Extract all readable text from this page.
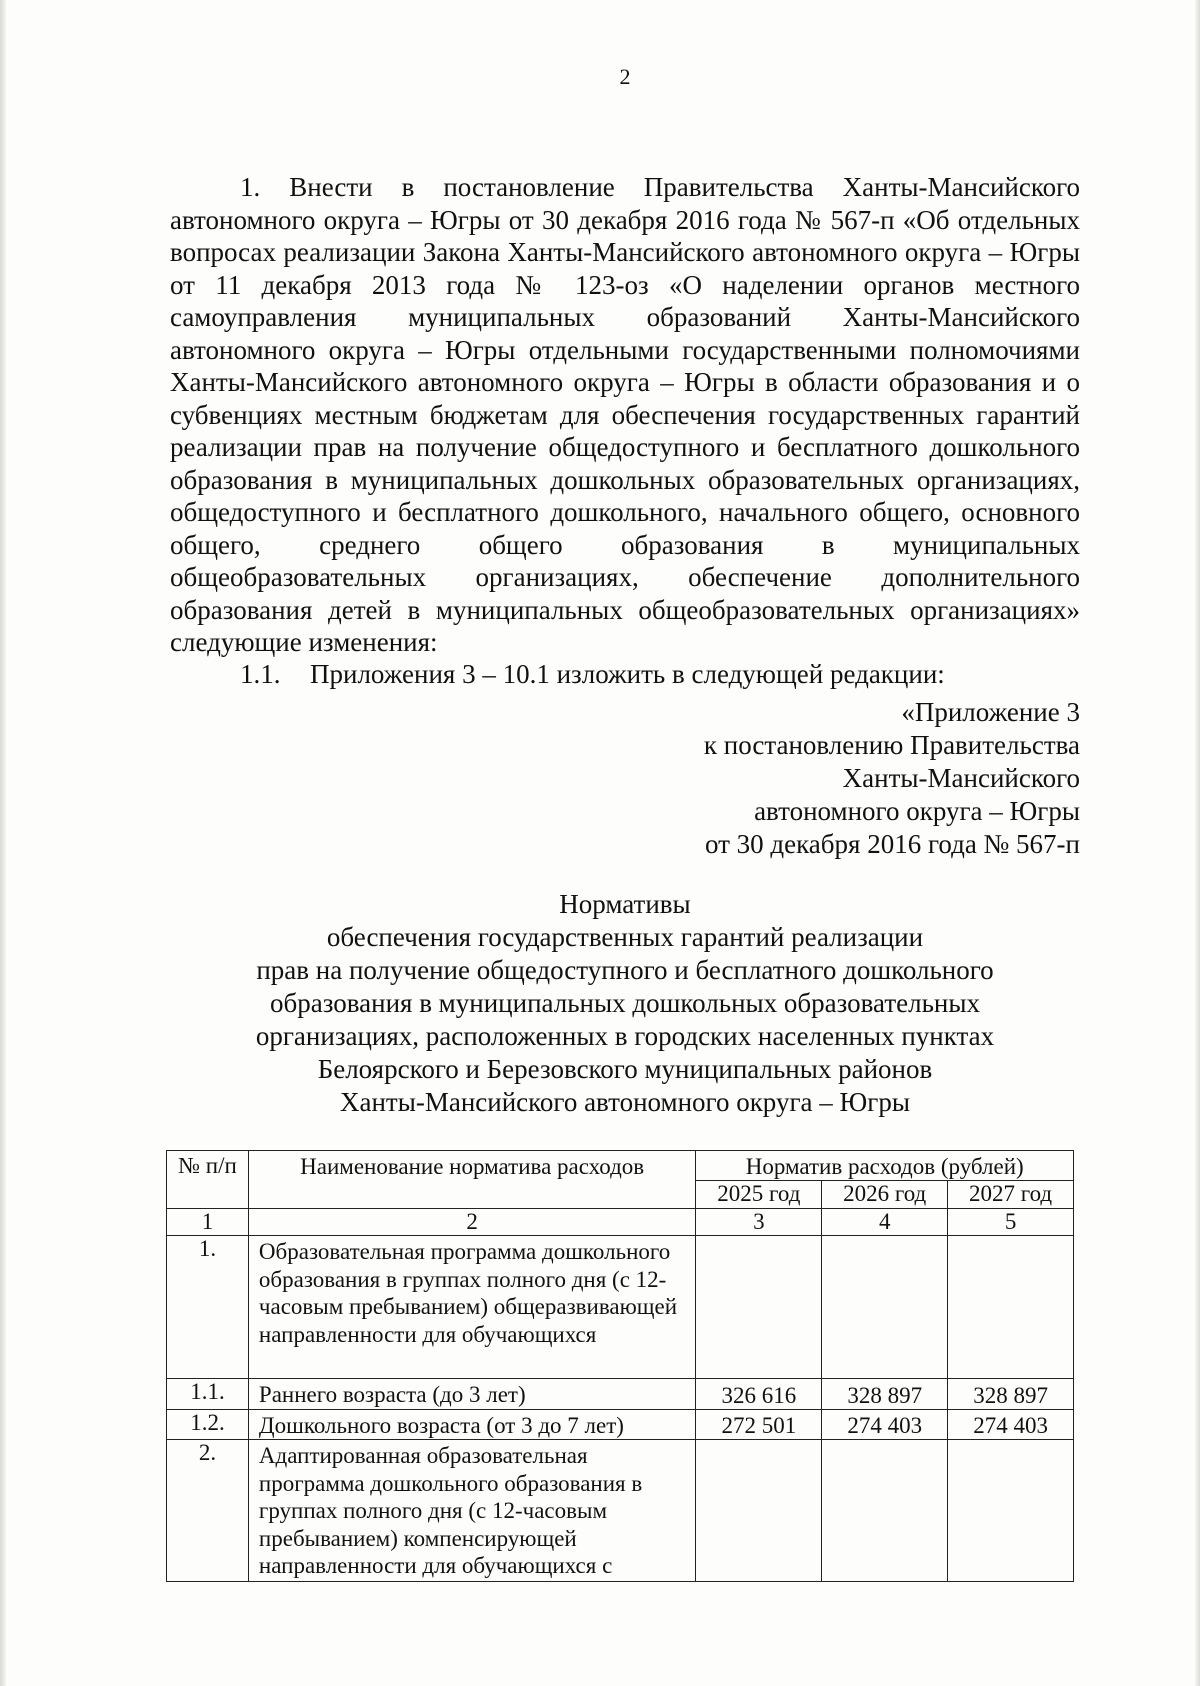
2

1. Внести в постановление Правительства Ханты-Мансийского автономного округа – Югры от 30 декабря 2016 года № 567-п «Об отдельных вопросах реализации Закона Ханты-Мансийского автономного округа – Югры от 11 декабря 2013 года № 123-оз «О наделении органов местного самоуправления муниципальных образований Ханты-Мансийского автономного округа – Югры отдельными государственными полномочиями Ханты-Мансийского автономного округа – Югры в области образования и о субвенциях местным бюджетам для обеспечения государственных гарантий реализации прав на получение общедоступного и бесплатного дошкольного образования в муниципальных дошкольных образовательных организациях, общедоступного и бесплатного дошкольного, начального общего, основного общего, среднего общего образования в муниципальных общеобразовательных организациях, обеспечение дополнительного образования детей в муниципальных общеобразовательных организациях» следующие изменения:

1.1. Приложения 3 – 10.1 изложить в следующей редакции:
«Приложение 3
к постановлению Правительства
Ханты-Мансийского
автономного округа – Югры
от 30 декабря 2016 года № 567-п
Нормативы
обеспечения государственных гарантий реализации
прав на получение общедоступного и бесплатного дошкольного
образования в муниципальных дошкольных образовательных
организациях, расположенных в городских населенных пунктах
Белоярского и Березовского муниципальных районов
Ханты-Мансийского автономного округа – Югры
№ п/п	Наименование норматива расходов	Норматив расходов (рублей)		
		2025 год	2026 год	2027 год
1	2	3	4	5
1.	Образовательная программа дошкольного образования в группах полного дня (с 12-часовым пребыванием) общеразвивающей направленности для обучающихся			
1.1.	Раннего возраста (до 3 лет)	326 616	328 897	328 897
1.2.	Дошкольного возраста (от 3 до 7 лет)	272 501	274 403	274 403
2.	Адаптированная образовательная программа дошкольного образования в группах полного дня (с 12-часовым пребыванием) компенсирующей направленности для обучающихся с			
